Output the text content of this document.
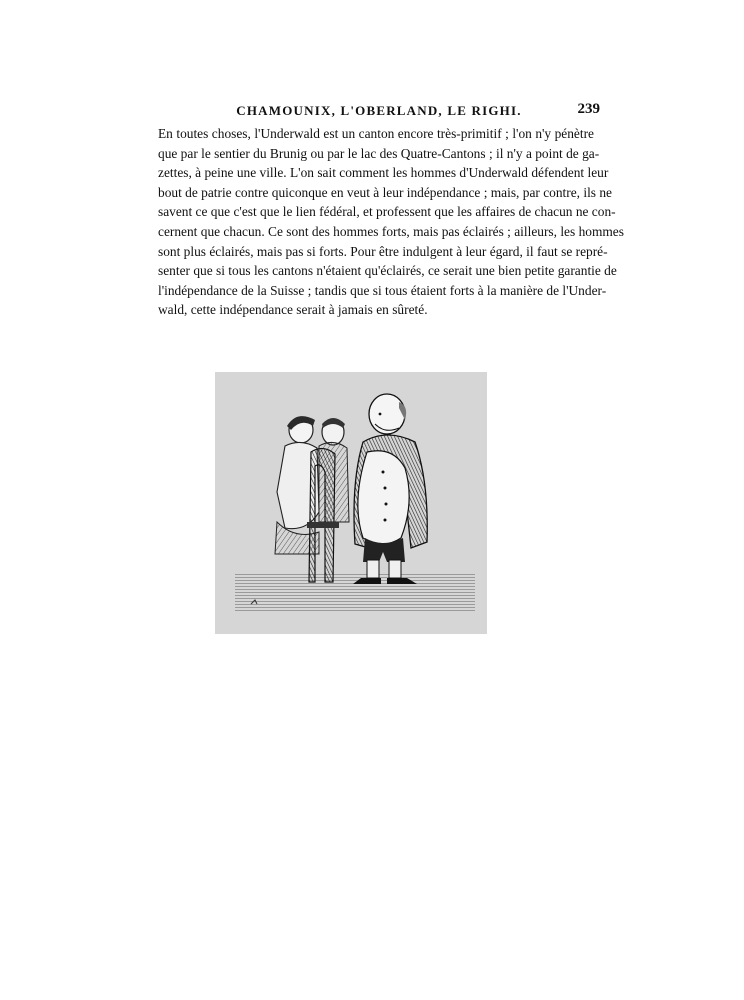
CHAMOUNIX, L'OBERLAND, LE RIGHI.	239

En toutes choses, l'Underwald est un canton encore très-primitif ; l'on n'y pénètre
que par le sentier du Brunig ou par le lac des Quatre-Cantons ; il n'y a point de ga-
zettes, à peine une ville. L'on sait comment les hommes d'Underwald défendent leur
bout de patrie contre quiconque en veut à leur indépendance ; mais, par contre, ils ne
savent ce que c'est que le lien fédéral, et professent que les affaires de chacun ne con-
cernent que chacun. Ce sont des hommes forts, mais pas éclairés ; ailleurs, les hommes
sont plus éclairés, mais pas si forts. Pour être indulgent à leur égard, il faut se repré-
senter que si tous les cantons n'étaient qu'éclairés, ce serait une bien petite garantie de
l'indépendance de la Suisse ; tandis que si tous étaient forts à la manière de l'Under-
wald, cette indépendance serait à jamais en sûreté.
